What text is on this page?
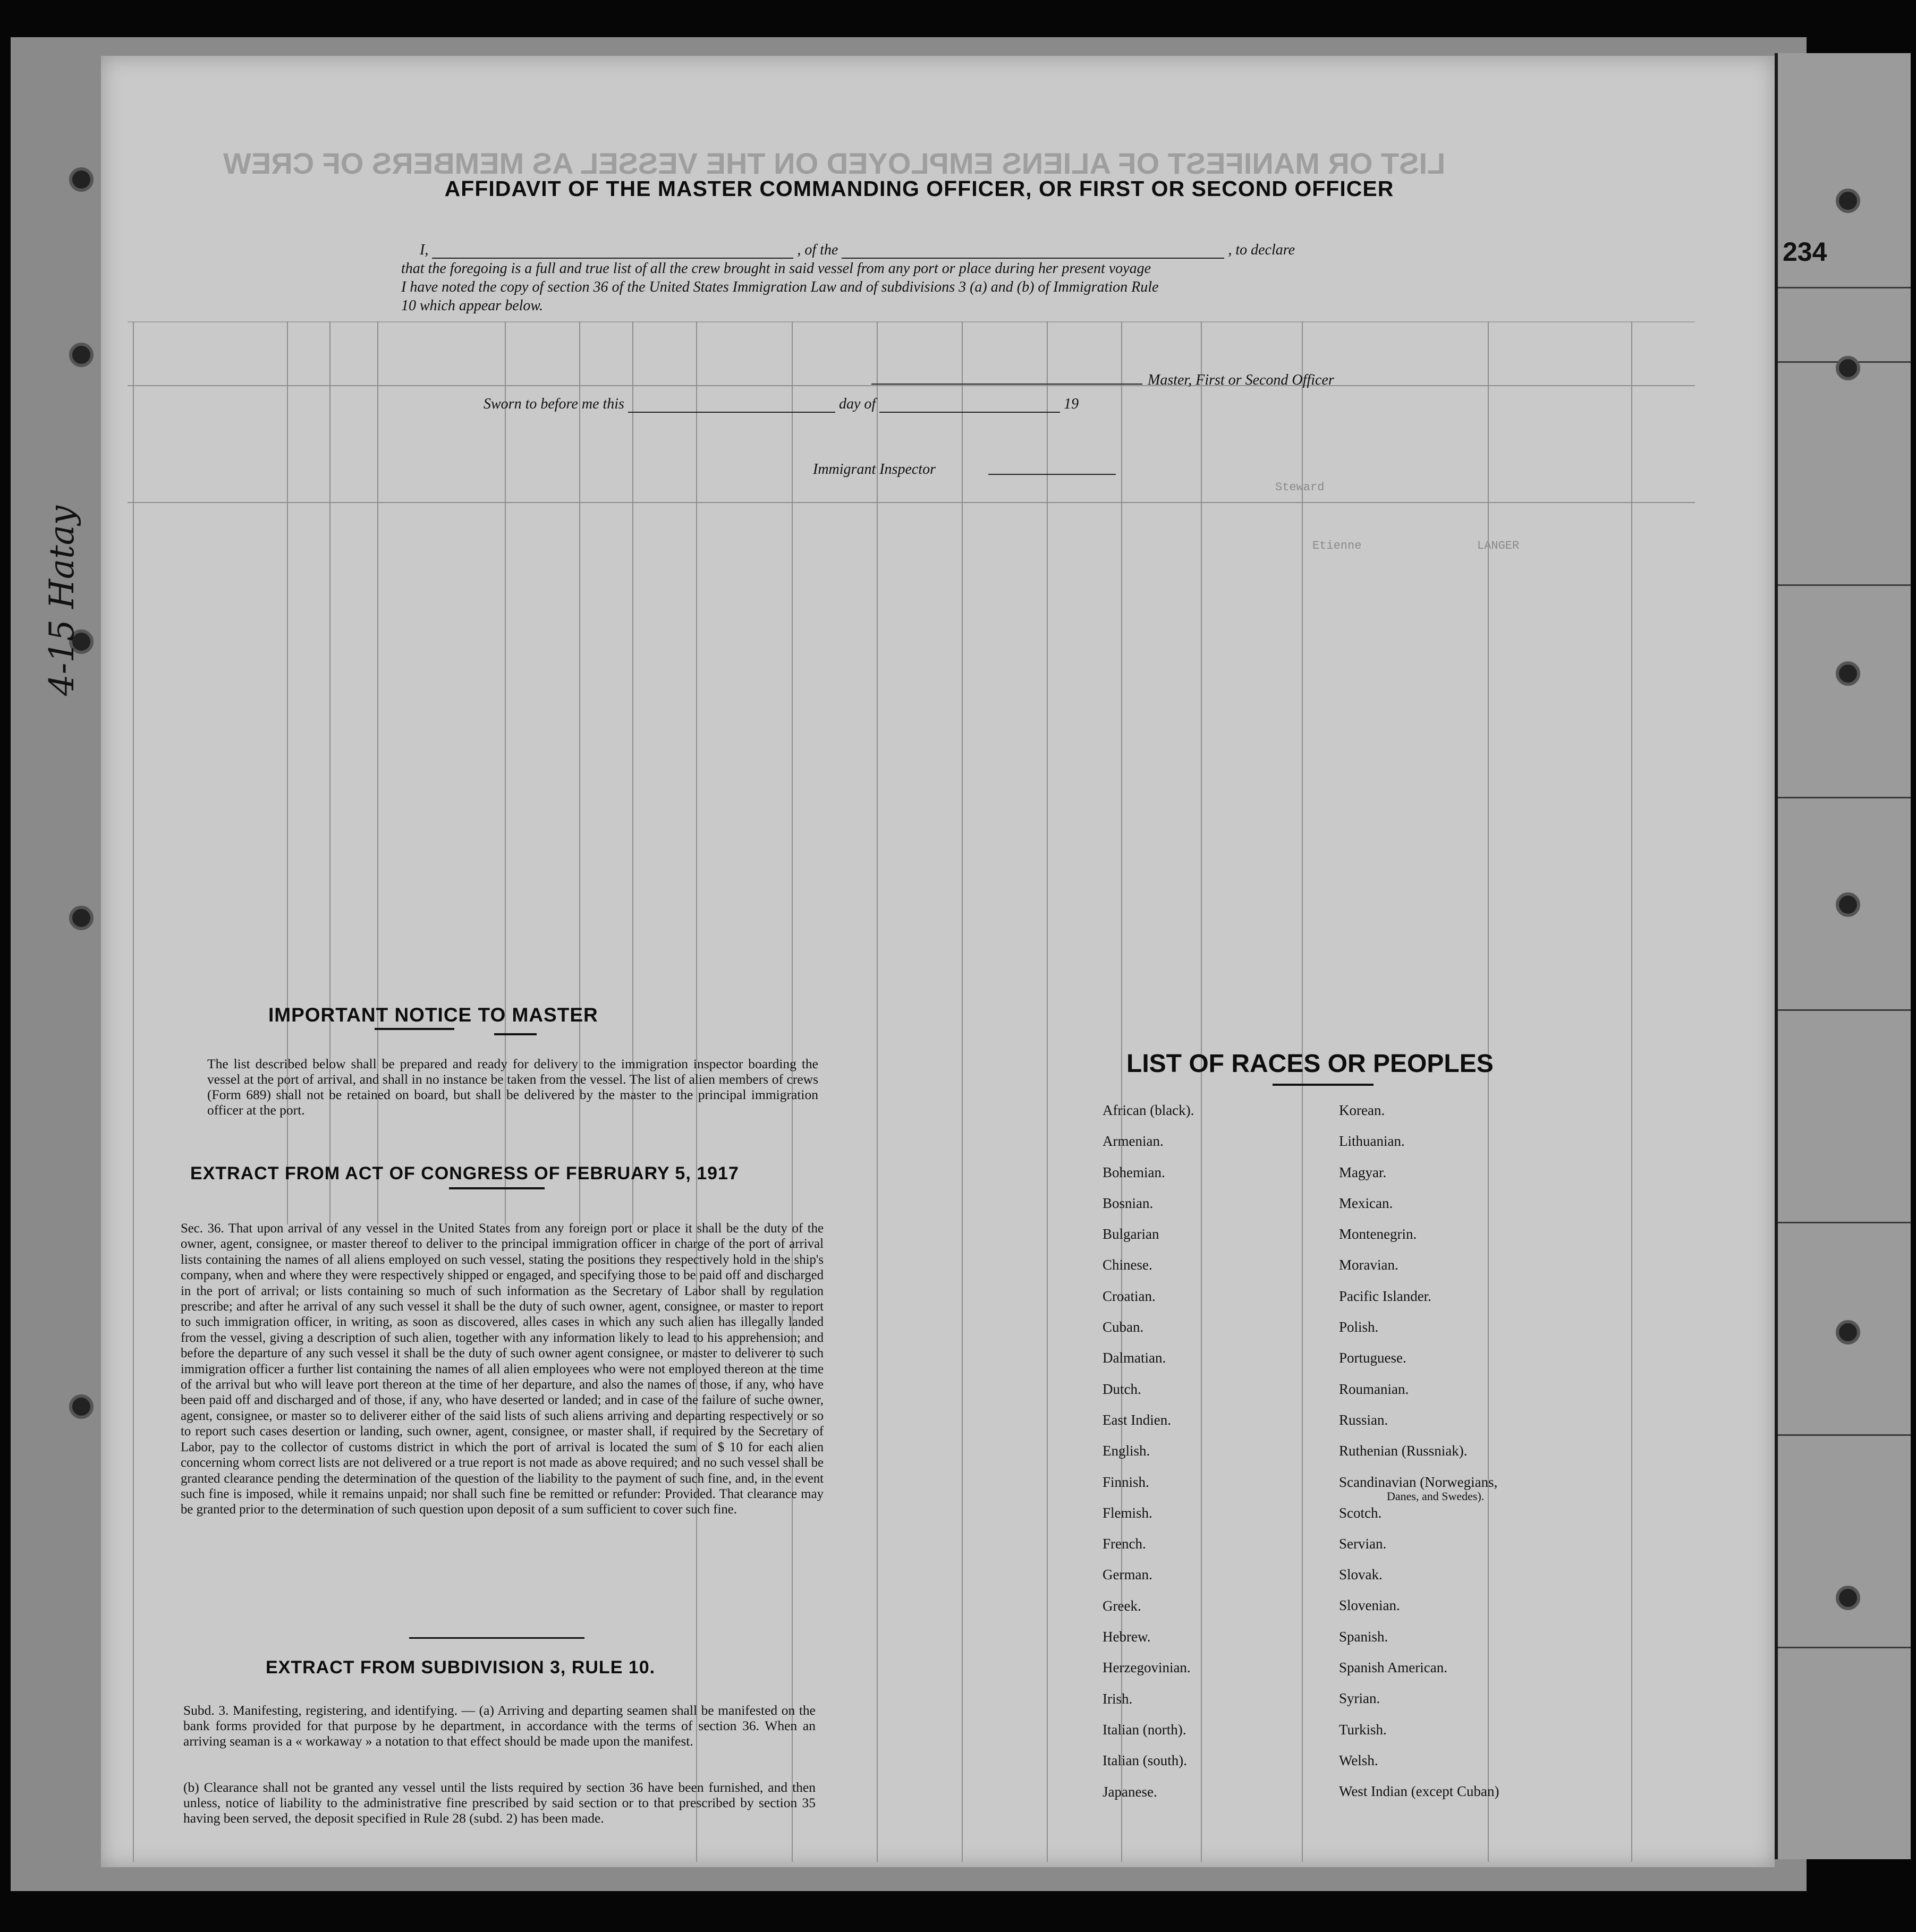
234
LIST OR MANIFEST OF ALIENS EMPLOYED ON THE VESSEL AS MEMBERS OF CREW
Steward
Etienne	LANGER
AFFIDAVIT OF THE MASTER COMMANDING OFFICER, OR FIRST OR SECOND OFFICER
I,	, of the	, to declare
that the foregoing is a full and true list of all the crew brought in said vessel from any port or place during her present voyage
I have noted the copy of section 36 of the United States Immigration Law and of subdivisions 3 (a) and (b) of Immigration Rule
10 which appear below.
Master, First or Second Officer
Sworn to before me this	day of	19
Immigrant Inspector
IMPORTANT NOTICE TO MASTER
The list described below shall be prepared and ready for delivery to the immigration inspector boarding the vessel at the port of arrival, and shall in no instance be taken from the vessel. The list of alien members of crews (Form 689) shall not be retained on board, but shall be delivered by the master to the principal immigration officer at the port.
EXTRACT FROM ACT OF CONGRESS OF FEBRUARY 5, 1917
Sec. 36. That upon arrival of any vessel in the United States from any foreign port or place it shall be the duty of the owner, agent, consignee, or master thereof to deliver to the principal immigration officer in charge of the port of arrival lists containing the names of all aliens employed on such vessel, stating the positions they respectively hold in the ship's company, when and where they were respectively shipped or engaged, and specifying those to be paid off and discharged in the port of arrival; or lists containing so much of such information as the Secretary of Labor shall by regulation prescribe; and after he arrival of any such vessel it shall be the duty of such owner, agent, consignee, or master to report to such immigration officer, in writing, as soon as discovered, alles cases in which any such alien has illegally landed from the vessel, giving a description of such alien, together with any information likely to lead to his apprehension; and before the departure of any such vessel it shall be the duty of such owner agent consignee, or master to deliverer to such immigration officer a further list containing the names of all alien employees who were not employed thereon at the time of the arrival but who will leave port thereon at the time of her departure, and also the names of those, if any, who have been paid off and discharged and of those, if any, who have deserted or landed; and in case of the failure of suche owner, agent, consignee, or master so to deliverer either of the said lists of such aliens arriving and departing respectively or so to report such cases desertion or landing, such owner, agent, consignee, or master shall, if required by the Secretary of Labor, pay to the collector of customs district in which the port of arrival is located the sum of $ 10 for each alien concerning whom correct lists are not delivered or a true report is not made as above required; and no such vessel shall be granted clearance pending the determination of the question of the liability to the payment of such fine, and, in the event such fine is imposed, while it remains unpaid; nor shall such fine be remitted or refunder: Provided. That clearance may be granted prior to the determination of such question upon deposit of a sum sufficient to cover such fine.
EXTRACT FROM SUBDIVISION 3, RULE 10.
Subd. 3. Manifesting, registering, and identifying. — (a) Arriving and departing seamen shall be manifested on the bank forms provided for that purpose by he department, in accordance with the terms of section 36. When an arriving seaman is a « workaway » a notation to that effect should be made upon the manifest.
(b) Clearance shall not be granted any vessel until the lists required by section 36 have been furnished, and then unless, notice of liability to the administrative fine prescribed by said section or to that prescribed by section 35 having been served, the deposit specified in Rule 28 (subd. 2) has been made.
LIST OF RACES OR PEOPLES
African (black).
Armenian.
Bohemian.
Bosnian.
Bulgarian
Chinese.
Croatian.
Cuban.
Dalmatian.
Dutch.
East Indien.
English.
Finnish.
Flemish.
French.
German.
Greek.
Hebrew.
Herzegovinian.
Irish.
Italian (north).
Italian (south).
Japanese.
Korean.
Lithuanian.
Magyar.
Mexican.
Montenegrin.
Moravian.
Pacific Islander.
Polish.
Portuguese.
Roumanian.
Russian.
Ruthenian (Russniak).
Scandinavian (Norwegians,
Danes, and Swedes).
Scotch.
Servian.
Slovak.
Slovenian.
Spanish.
Spanish American.
Syrian.
Turkish.
Welsh.
West Indian (except Cuban)
4-15 Hatay
